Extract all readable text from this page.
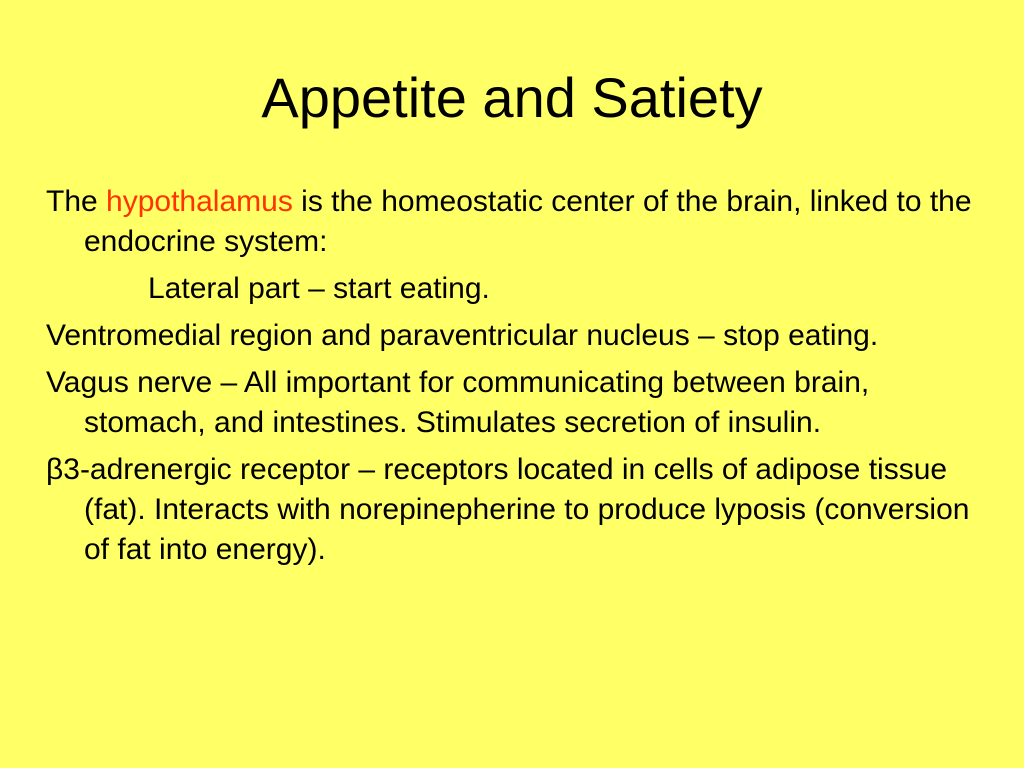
Appetite and Satiety

The hypothalamus is the homeostatic center of the brain, linked to the endocrine system:

Lateral part – start eating.

Ventromedial region and paraventricular nucleus – stop eating.

Vagus nerve – All important for communicating between brain, stomach, and intestines. Stimulates secretion of insulin.

β3-adrenergic receptor – receptors located in cells of adipose tissue (fat). Interacts with norepinepherine to produce lyposis (conversion of fat into energy).
